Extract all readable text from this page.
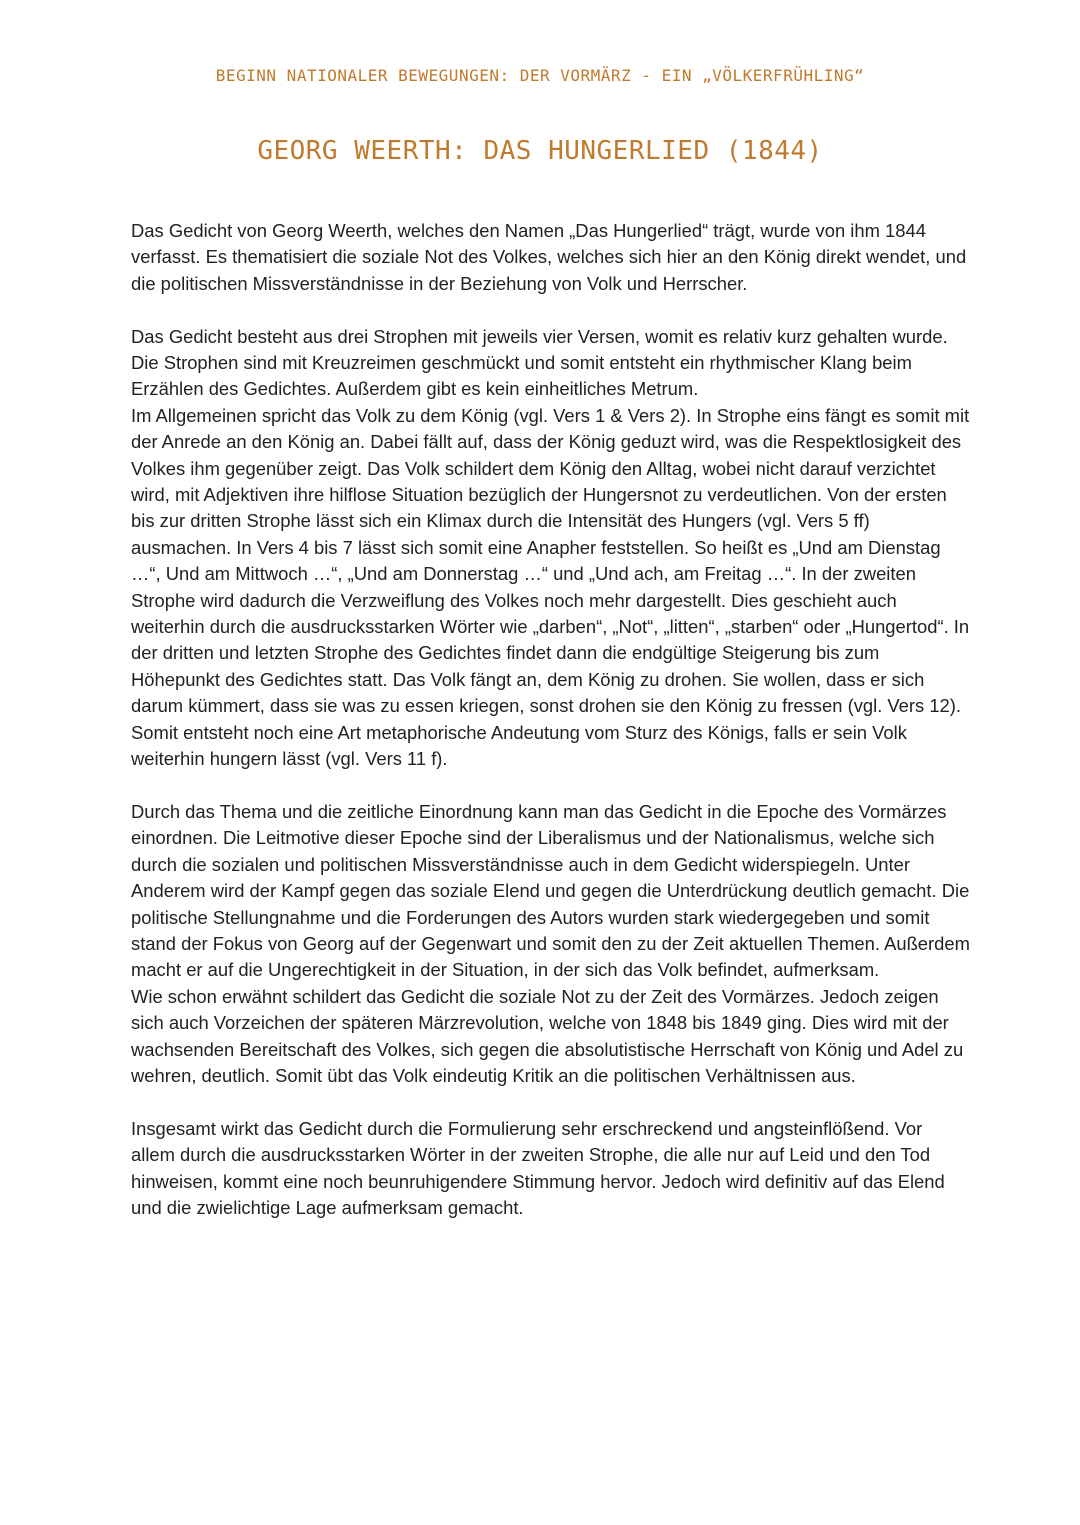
BEGINN NATIONALER BEWEGUNGEN: DER VORMÄRZ - EIN „VÖLKERFRÜHLING“
GEORG WEERTH: DAS HUNGERLIED (1844)

Das Gedicht von Georg Weerth, welches den Namen „Das Hungerlied“ trägt, wurde von ihm 1844 verfasst. Es thematisiert die soziale Not des Volkes, welches sich hier an den König direkt wendet, und die politischen Missverständnisse in der Beziehung von Volk und Herrscher.

Das Gedicht besteht aus drei Strophen mit jeweils vier Versen, womit es relativ kurz gehalten wurde. Die Strophen sind mit Kreuzreimen geschmückt und somit entsteht ein rhythmischer Klang beim Erzählen des Gedichtes. Außerdem gibt es kein einheitliches Metrum.

Im Allgemeinen spricht das Volk zu dem König (vgl. Vers 1 & Vers 2). In Strophe eins fängt es somit mit der Anrede an den König an. Dabei fällt auf, dass der König geduzt wird, was die Respektlosigkeit des Volkes ihm gegenüber zeigt. Das Volk schildert dem König den Alltag, wobei nicht darauf verzichtet wird, mit Adjektiven ihre hilflose Situation bezüglich der Hungersnot zu verdeutlichen. Von der ersten bis zur dritten Strophe lässt sich ein Klimax durch die Intensität des Hungers (vgl. Vers 5 ff) ausmachen. In Vers 4 bis 7 lässt sich somit eine Anapher feststellen. So heißt es „Und am Dienstag …“, Und am Mittwoch …“, „Und am Donnerstag …“ und „Und ach, am Freitag …“. In der zweiten Strophe wird dadurch die Verzweiflung des Volkes noch mehr dargestellt. Dies geschieht auch weiterhin durch die ausdrucksstarken Wörter wie „darben“, „Not“, „litten“, „starben“ oder „Hungertod“. In der dritten und letzten Strophe des Gedichtes findet dann die endgültige Steigerung bis zum Höhepunkt des Gedichtes statt. Das Volk fängt an, dem König zu drohen. Sie wollen, dass er sich darum kümmert, dass sie was zu essen kriegen, sonst drohen sie den König zu fressen (vgl. Vers 12). Somit entsteht noch eine Art metaphorische Andeutung vom Sturz des Königs, falls er sein Volk weiterhin hungern lässt (vgl. Vers 11 f).

Durch das Thema und die zeitliche Einordnung kann man das Gedicht in die Epoche des Vormärzes einordnen. Die Leitmotive dieser Epoche sind der Liberalismus und der Nationalismus, welche sich durch die sozialen und politischen Missverständnisse auch in dem Gedicht widerspiegeln. Unter Anderem wird der Kampf gegen das soziale Elend und gegen die Unterdrückung deutlich gemacht. Die politische Stellungnahme und die Forderungen des Autors wurden stark wiedergegeben und somit stand der Fokus von Georg auf der Gegenwart und somit den zu der Zeit aktuellen Themen. Außerdem macht er auf die Ungerechtigkeit in der Situation, in der sich das Volk befindet, aufmerksam.

Wie schon erwähnt schildert das Gedicht die soziale Not zu der Zeit des Vormärzes. Jedoch zeigen sich auch Vorzeichen der späteren Märzrevolution, welche von 1848 bis 1849 ging. Dies wird mit der wachsenden Bereitschaft des Volkes, sich gegen die absolutistische Herrschaft von König und Adel zu wehren, deutlich. Somit übt das Volk eindeutig Kritik an die politischen Verhältnissen aus.

Insgesamt wirkt das Gedicht durch die Formulierung sehr erschreckend und angsteinflößend. Vor allem durch die ausdrucksstarken Wörter in der zweiten Strophe, die alle nur auf Leid und den Tod hinweisen, kommt eine noch beunruhigendere Stimmung hervor. Jedoch wird definitiv auf das Elend und die zwielichtige Lage aufmerksam gemacht.
